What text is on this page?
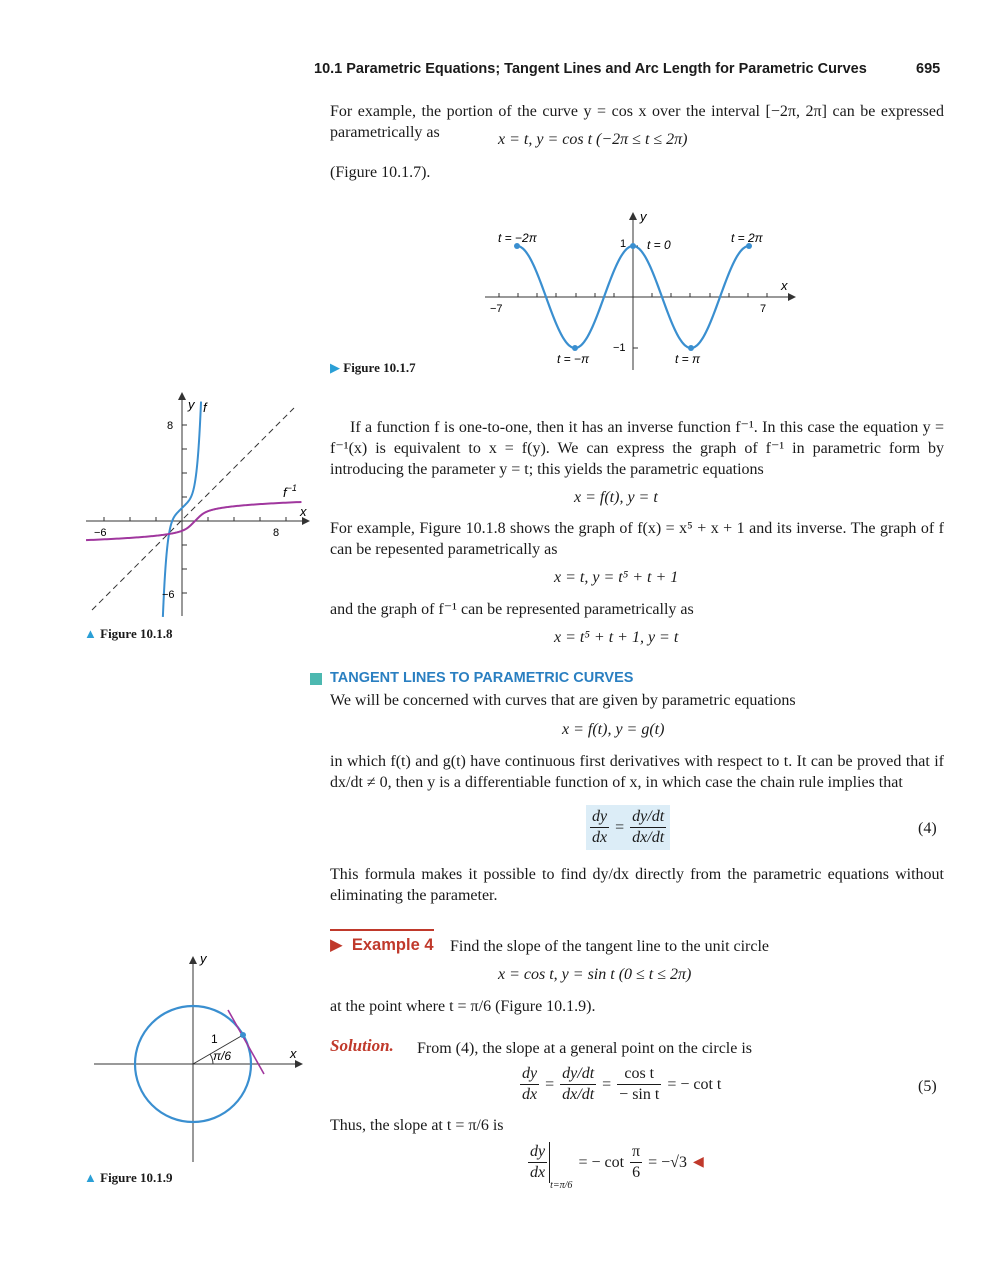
10.1 Parametric Equations; Tangent Lines and Arc Length for Parametric Curves	695
For example, the portion of the curve y = cos x over the interval [−2π, 2π] can be expressed parametrically as	x = t, y = cos t (−2π ≤ t ≤ 2π)
(Figure 10.1.7).
t = −2π	t = 0	t = 2π
t = −π	t = π
1
−1
−7	7
x
y
▶ Figure 10.1.7
y
x
f
$f^{-1}$
8
−6
−6	8
▲ Figure 10.1.8
If a function f is one-to-one, then it has an inverse function f⁻¹. In this case the equation y = f⁻¹(x) is equivalent to x = f(y). We can express the graph of f⁻¹ in parametric form by introducing the parameter y = t; this yields the parametric equations
x = f(t), y = t
For example, Figure 10.1.8 shows the graph of f(x) = x⁵ + x + 1 and its inverse. The graph of f can be repesented parametrically as
x = t, y = t⁵ + t + 1
and the graph of f⁻¹ can be represented parametrically as
x = t⁵ + t + 1, y = t
TANGENT LINES TO PARAMETRIC CURVES
We will be concerned with curves that are given by parametric equations
x = f(t), y = g(t)
in which f(t) and g(t) have continuous first derivatives with respect to t. It can be proved that if dx/dt ≠ 0, then y is a differentiable function of x, in which case the chain rule implies that
$\frac{dy}{dx} = \frac{dy/dt}{dx/dt}$	(4)
This formula makes it possible to find dy/dx directly from the parametric equations without eliminating the parameter.
▶ Example 4 Find the slope of the tangent line to the unit circle
x = cos t, y = sin t (0 ≤ t ≤ 2π)
at the point where t = π/6 (Figure 10.1.9).
Solution. From (4), the slope at a general point on the circle is
$\frac{dy}{dx} = \frac{dy/dt}{dx/dt} = \frac{\text{cos t}}{\text{− sin t}}$ = − cot t	(5)
Thus, the slope at t = π/6 is
$\frac{dy}{dx}$
$t=\pi/6= - \cot \frac{\pi}{6} = -√3$ ◀
y
x
1
π/6
▲ Figure 10.1.9
